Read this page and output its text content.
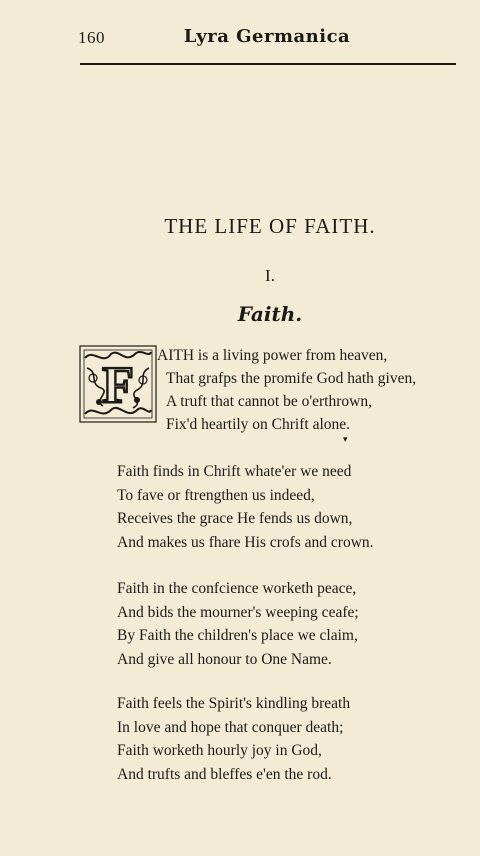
160	Lyra Germanica
THE LIFE OF FAITH.
I.
Faith.
F
AITH is a living power from heaven,
That grafps the promife God hath given,
A truft that cannot be o'erthrown,
Fix'd heartily on Chrift alone.
▾
Faith finds in Chrift whate'er we need
To fave or ftrengthen us indeed,
Receives the grace He fends us down,
And makes us fhare His crofs and crown.
Faith in the confcience worketh peace,
And bids the mourner's weeping ceafe;
By Faith the children's place we claim,
And give all honour to One Name.
Faith feels the Spirit's kindling breath
In love and hope that conquer death;
Faith worketh hourly joy in God,
And trufts and bleffes e'en the rod.
